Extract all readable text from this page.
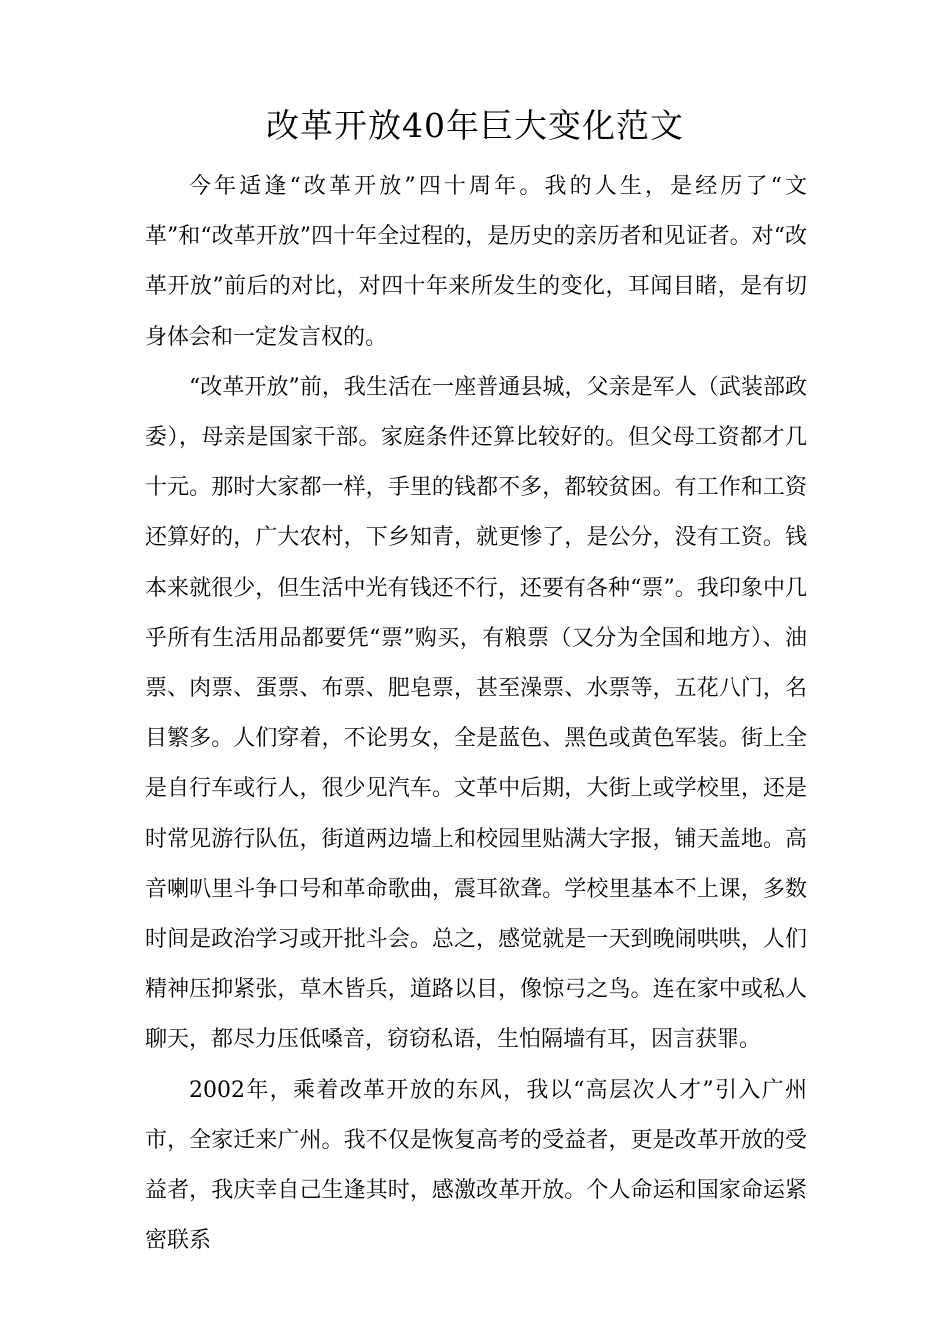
改革开放40年巨大变化范文

今年适逢“改革开放”四十周年。我的人生，是经历了“文革”和“改革开放”四十年全过程的，是历史的亲历者和见证者。对“改革开放”前后的对比，对四十年来所发生的变化，耳闻目睹，是有切身体会和一定发言权的。

“改革开放”前，我生活在一座普通县城，父亲是军人（武装部政委），母亲是国家干部。家庭条件还算比较好的。但父母工资都才几十元。那时大家都一样，手里的钱都不多，都较贫困。有工作和工资还算好的，广大农村，下乡知青，就更惨了，是公分，没有工资。钱本来就很少，但生活中光有钱还不行，还要有各种“票”。我印象中几乎所有生活用品都要凭“票”购买，有粮票（又分为全国和地方）、油票、肉票、蛋票、布票、肥皂票，甚至澡票、水票等，五花八门，名目繁多。人们穿着，不论男女，全是蓝色、黑色或黄色军装。街上全是自行车或行人，很少见汽车。文革中后期，大街上或学校里，还是时常见游行队伍，街道两边墙上和校园里贴满大字报，铺天盖地。高音喇叭里斗争口号和革命歌曲，震耳欲聋。学校里基本不上课，多数时间是政治学习或开批斗会。总之，感觉就是一天到晚闹哄哄，人们精神压抑紧张，草木皆兵，道路以目，像惊弓之鸟。连在家中或私人聊天，都尽力压低嗓音，窃窃私语，生怕隔墙有耳，因言获罪。

2002年，乘着改革开放的东风，我以“高层次人才”引入广州市，全家迁来广州。我不仅是恢复高考的受益者，更是改革开放的受益者，我庆幸自己生逢其时，感激改革开放。个人命运和国家命运紧密联系
